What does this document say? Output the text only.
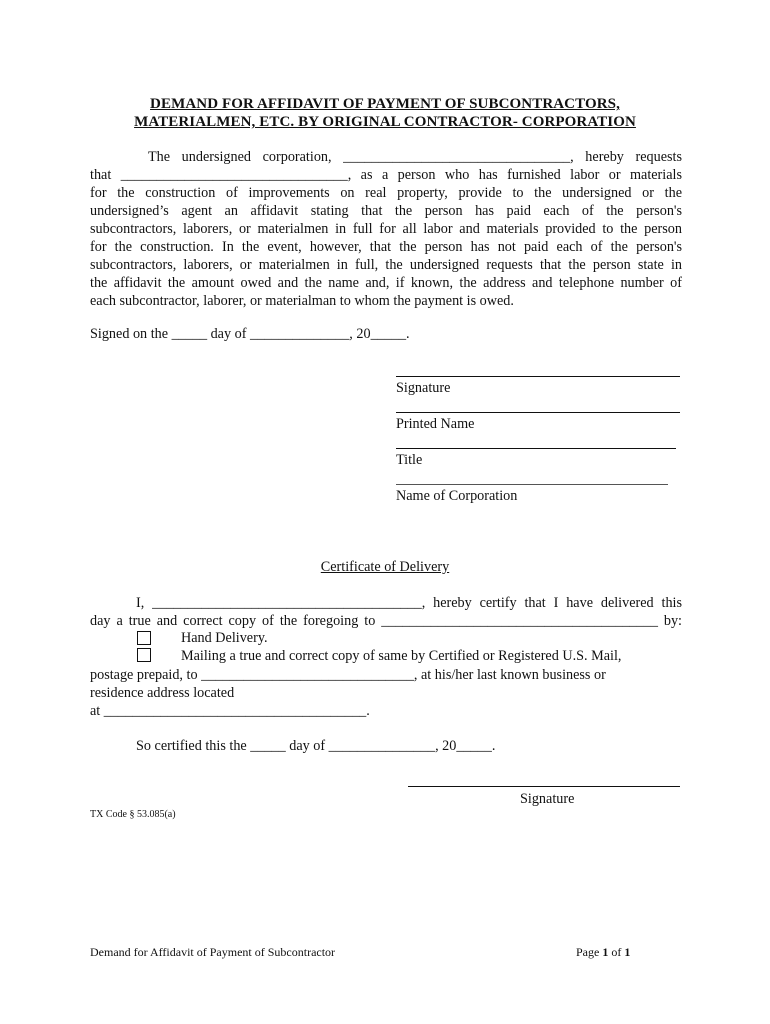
DEMAND FOR AFFIDAVIT OF PAYMENT OF SUBCONTRACTORS,
MATERIALMEN, ETC. BY ORIGINAL CONTRACTOR- CORPORATION
The undersigned corporation, ________________________________, hereby requests
that ________________________________, as a person who has furnished labor or materials
for the construction of improvements on real property, provide to the undersigned or the
undersigned’s agent an affidavit stating that the person has paid each of the person's
subcontractors, laborers, or materialmen in full for all labor and materials provided to the person
for the construction. In the event, however, that the person has not paid each of the person's
subcontractors, laborers, or materialmen in full, the undersigned requests that the person state in
the affidavit the amount owed and the name and, if known, the address and telephone number of
each subcontractor, laborer, or materialman to whom the payment is owed.
Signed on the _____ day of ______________, 20_____.
Signature
Printed Name
Title
Name of Corporation
Certificate of Delivery
I, ______________________________________, hereby certify that I have delivered this
day a true and correct copy of the foregoing to _______________________________________ by:
Hand Delivery.
Mailing a true and correct copy of same by Certified or Registered U.S. Mail,
postage prepaid, to ______________________________, at his/her last known business or
residence address located
at _____________________________________.
So certified this the _____ day of _______________, 20_____.
Signature
TX Code § 53.085(a)
Demand for Affidavit of Payment of Subcontractor	Page 1 of 1
